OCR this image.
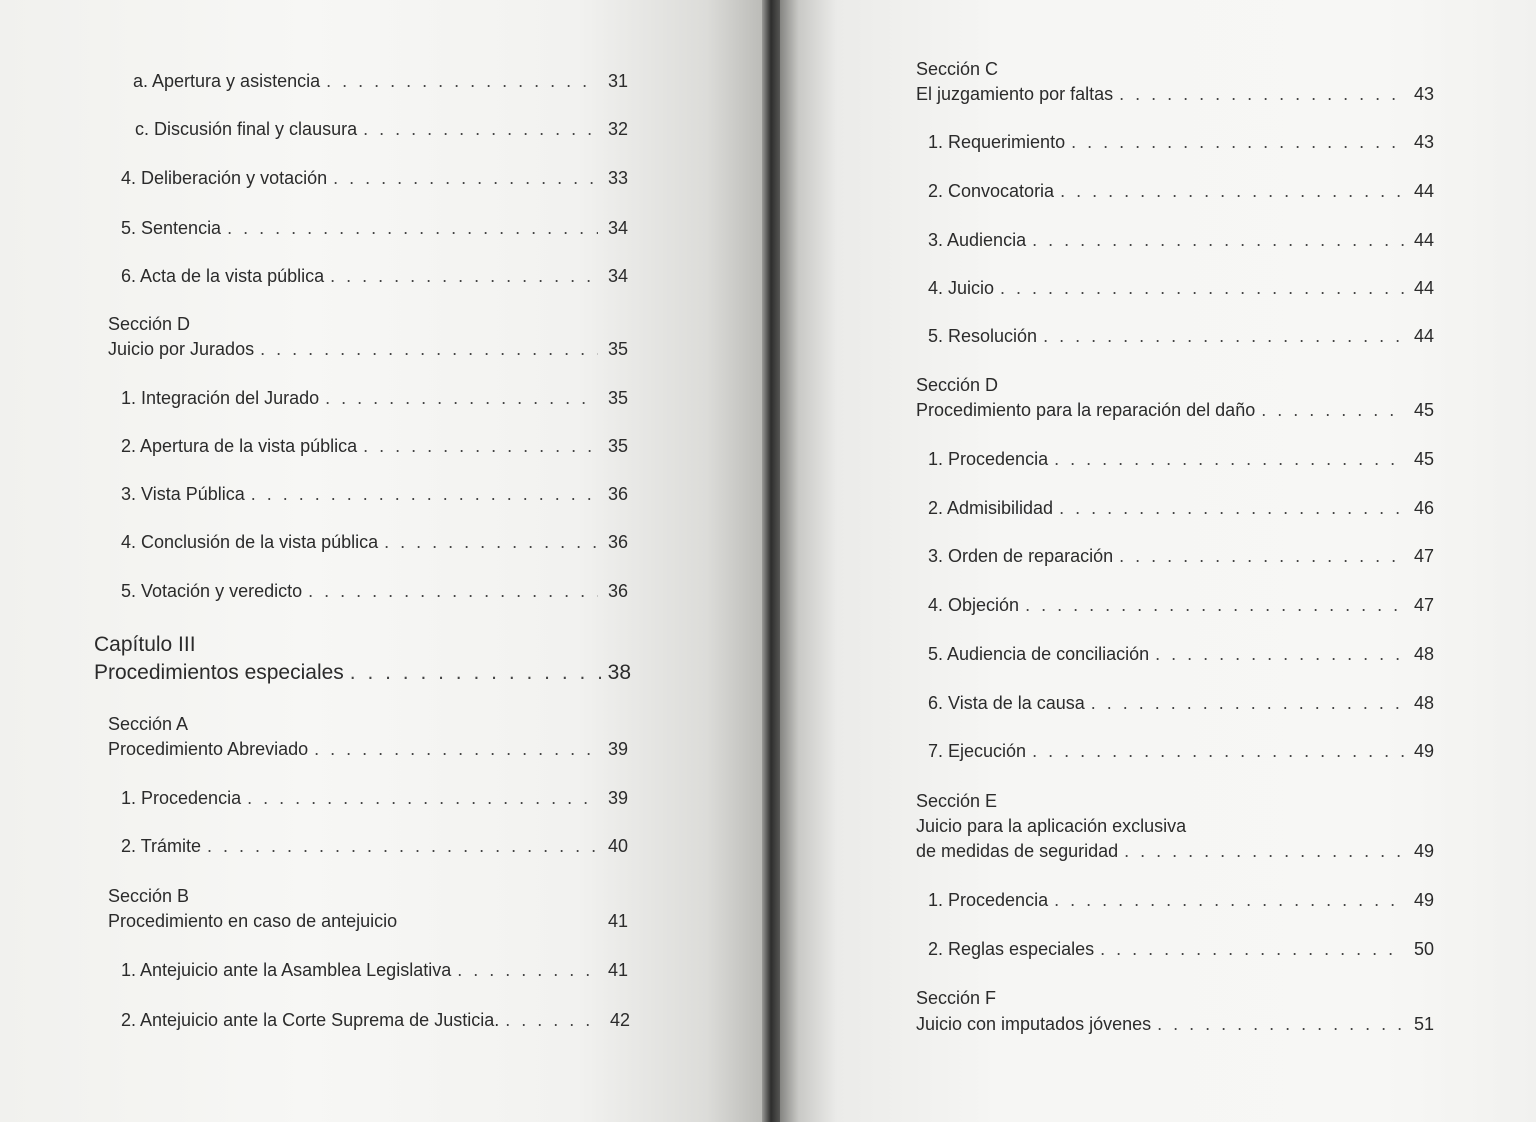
a. Apertura y asistencia . . .	31
c. Discusión final y clausura . . .	32
4. Deliberación y votación . . .	33
5. Sentencia . . .	34
6. Acta de la vista pública . . .	34
Sección D
Juicio por Jurados . . .	35
1. Integración del Jurado . . .	35
2. Apertura de la vista pública . . .	35
3. Vista Pública . . .	36
4. Conclusión de la vista pública . . .	36
5. Votación y veredicto . . .	36
Capítulo III
Procedimientos especiales . . .	38
Sección A
Procedimiento Abreviado . . .	39
1. Procedencia . . .	39
2. Trámite . . .	40
Sección B
Procedimiento en caso de antejuicio	41
1. Antejuicio ante la Asamblea Legislativa . . .	41
2. Antejuicio ante la Corte Suprema de Justicia. . . .	42
Sección C
El juzgamiento por faltas . . .	43
1. Requerimiento . . .	43
2. Convocatoria . . .	44
3. Audiencia . . .	44
4. Juicio . . .	44
5. Resolución . . .	44
Sección D
Procedimiento para la reparación del daño . . .	45
1. Procedencia . . .	45
2. Admisibilidad . . .	46
3. Orden de reparación . . .	47
4. Objeción . . .	47
5. Audiencia de conciliación . . .	48
6. Vista de la causa . . .	48
7. Ejecución . . .	49
Sección E
Juicio para la aplicación exclusiva
de medidas de seguridad . . .	49
1. Procedencia . . .	49
2. Reglas especiales . . .	50
Sección F
Juicio con imputados jóvenes . . .	51
